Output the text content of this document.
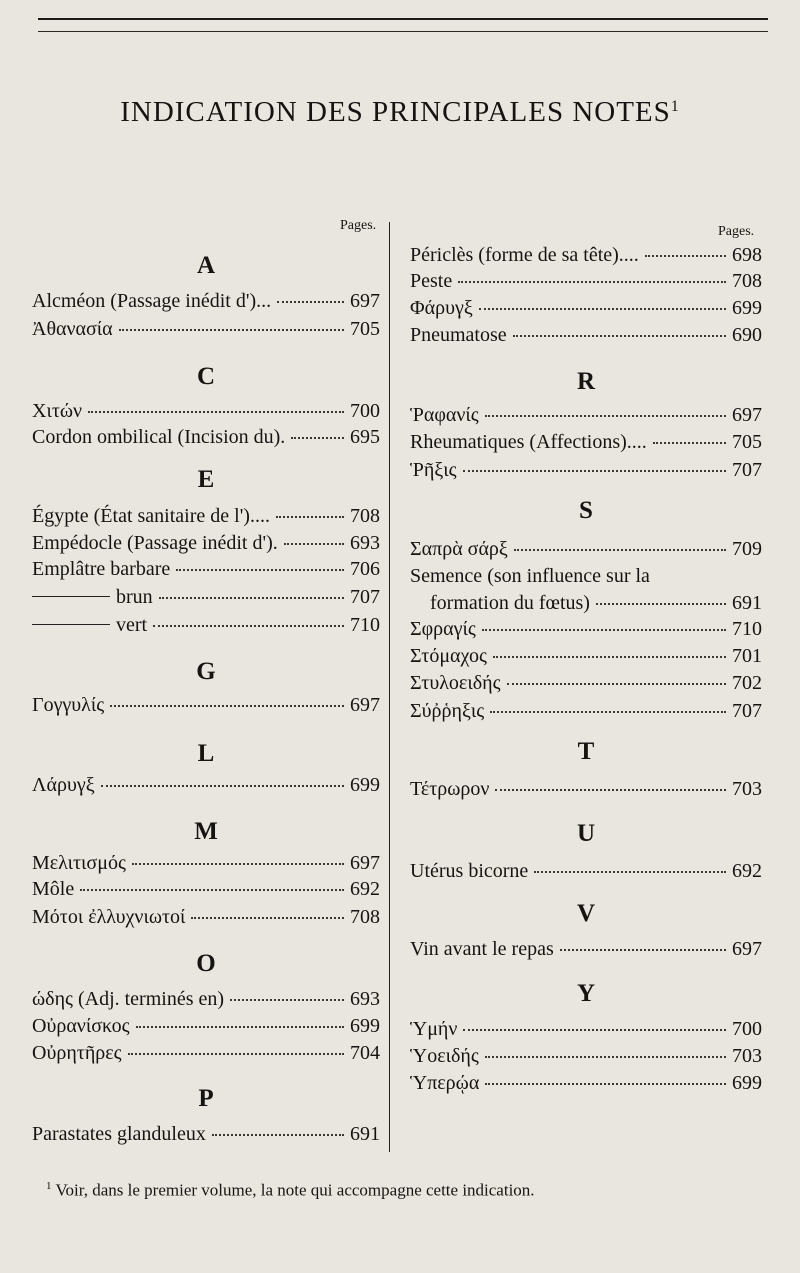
INDICATION DES PRINCIPALES NOTES$^1$
Pages.	Pages.
A
Alcméon (Passage inédit d')...	697
Ἀθανασία	705
C
Χιτών	700
Cordon ombilical (Incision du).	695
E
Égypte (État sanitaire de l')....	708
Empédocle (Passage inédit d').	693
Emplâtre barbare	706
brun	707
vert	710
G
Γογγυλίς	697
L
Λάρυγξ	699
M
Μελιτισμός	697
Môle	692
Μότοι ἐλλυχνιωτοί	708
O
ώδης (Adj. terminés en)	693
Οὐρανίσκος	699
Οὐρητῆρες	704
P
Parastates glanduleux	691
Périclès (forme de sa tête)....	698
Peste	708
Φάρυγξ	699
Pneumatose	690
R
Ῥαφανίς	697
Rheumatiques (Affections)....	705
Ῥῆξις	707
S
Σαπρὰ σάρξ	709
Semence (son influence sur la
formation du fœtus)	691
Σφραγίς	710
Στόμαχος	701
Στυλοειδής	702
Σύῤῥηξις	707
T
Τέτρωρον	703
U
Utérus bicorne	692
V
Vin avant le repas	697
Y
Ὑμήν	700
Ὑοειδής	703
Ὑπερῴα	699
$^1$ Voir, dans le premier volume, la note qui accompagne cette indication.
